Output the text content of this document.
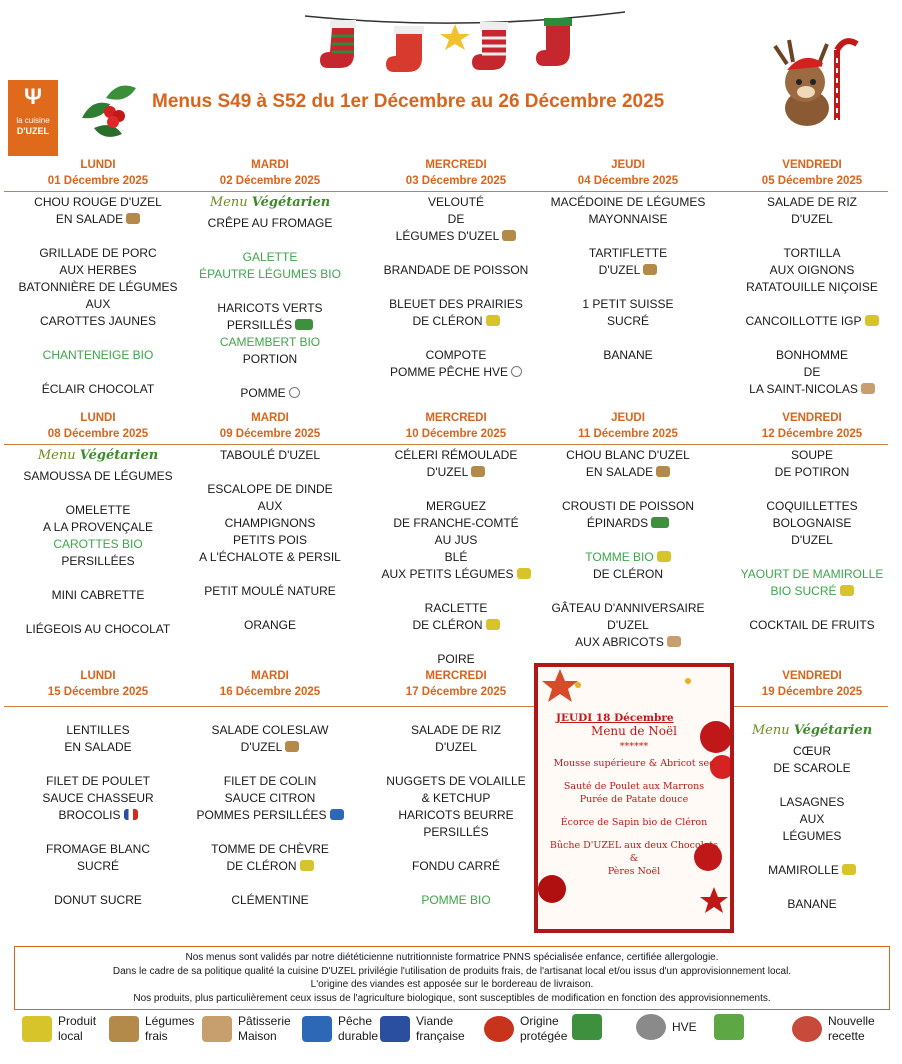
Ψ
la cuisine
D'UZEL
Menus S49 à S52 du 1er Décembre au 26 Décembre 2025
LUNDI
01 Décembre 2025
CHOU ROUGE D'UZEL
EN SALADE
GRILLADE DE PORC
AUX HERBES
BATONNIÈRE DE LÉGUMES
AUX
CAROTTES JAUNES
CHANTENEIGE BIO
ÉCLAIR CHOCOLAT
MARDI
02 Décembre 2025
Menu Végétarien
CRÊPE AU FROMAGE
GALETTE
ÉPAUTRE LÉGUMES BIO
HARICOTS VERTS
PERSILLÉS
CAMEMBERT BIO
PORTION
POMME
MERCREDI
03 Décembre 2025
VELOUTÉ
DE
LÉGUMES D'UZEL
BRANDADE DE POISSON
BLEUET DES PRAIRIES
DE CLÉRON
COMPOTE
POMME PÊCHE HVE
JEUDI
04 Décembre 2025
MACÉDOINE DE LÉGUMES
MAYONNAISE
TARTIFLETTE
D'UZEL
1 PETIT SUISSE
SUCRÉ
BANANE
VENDREDI
05 Décembre 2025
SALADE DE RIZ
D'UZEL
TORTILLA
AUX OIGNONS
RATATOUILLE NIÇOISE
CANCOILLOTTE IGP
BONHOMME
DE
LA SAINT-NICOLAS
LUNDI
08 Décembre 2025
Menu Végétarien
SAMOUSSA DE LÉGUMES
OMELETTE
A LA PROVENÇALE
CAROTTES BIO
PERSILLÉES
MINI CABRETTE
LIÉGEOIS AU CHOCOLAT
MARDI
09 Décembre 2025
TABOULÉ D'UZEL
ESCALOPE DE DINDE
AUX
CHAMPIGNONS
PETITS POIS
A L'ÉCHALOTE & PERSIL
PETIT MOULÉ NATURE
ORANGE
MERCREDI
10 Décembre 2025
CÉLERI RÉMOULADE
D'UZEL
MERGUEZ
DE FRANCHE-COMTÉ
AU JUS
BLÉ
AUX PETITS LÉGUMES
RACLETTE
DE CLÉRON
POIRE
JEUDI
11 Décembre 2025
CHOU BLANC D'UZEL
EN SALADE
CROUSTI DE POISSON
ÉPINARDS
TOMME BIO
DE CLÉRON
GÂTEAU D'ANNIVERSAIRE
D'UZEL
AUX ABRICOTS
VENDREDI
12 Décembre 2025
SOUPE
DE POTIRON
COQUILLETTES
BOLOGNAISE
D'UZEL
YAOURT DE MAMIROLLE
BIO SUCRÉ
COCKTAIL DE FRUITS
LUNDI
15 Décembre 2025
LENTILLES
EN SALADE
FILET DE POULET
SAUCE CHASSEUR
BROCOLIS
FROMAGE BLANC
SUCRÉ
DONUT SUCRE
MARDI
16 Décembre 2025
SALADE COLESLAW
D'UZEL
FILET DE COLIN
SAUCE CITRON
POMMES PERSILLÉES
TOMME DE CHÈVRE
DE CLÉRON
CLÉMENTINE
MERCREDI
17 Décembre 2025
SALADE DE RIZ
D'UZEL
NUGGETS DE VOLAILLE
& KETCHUP
HARICOTS BEURRE
PERSILLÉS
FONDU CARRÉ
POMME BIO
VENDREDI
19 Décembre 2025
Menu Végétarien
CŒUR
DE SCAROLE
LASAGNES
AUX
LÉGUMES
MAMIROLLE
BANANE
JEUDI 18 Décembre
Menu de Noël

******

Mousse supérieure & Abricot sec

Sauté de Poulet aux Marrons
Purée de Patate douce

Écorce de Sapin bio de Cléron

Bûche D'UZEL aux deux Chocolats
&
Pères Noël

Nos menus sont validés par notre diététicienne nutritionniste formatrice PNNS spécialisée enfance, certifiée allergologie.
Dans le cadre de sa politique qualité la cuisine D'UZEL privilégie l'utilisation de produits frais, de l'artisanat local et/ou issus d'un approvisionnement local.
L'origine des viandes est apposée sur le bordereau de livraison.
Nos produits, plus particulièrement ceux issus de l'agriculture biologique, sont susceptibles de modification en fonction des approvisionnements.
Produit
local
Légumes
frais
Pâtisserie
Maison
Pêche
durable
Viande
française
Origine
protégée
HVE	Nouvelle
recette
